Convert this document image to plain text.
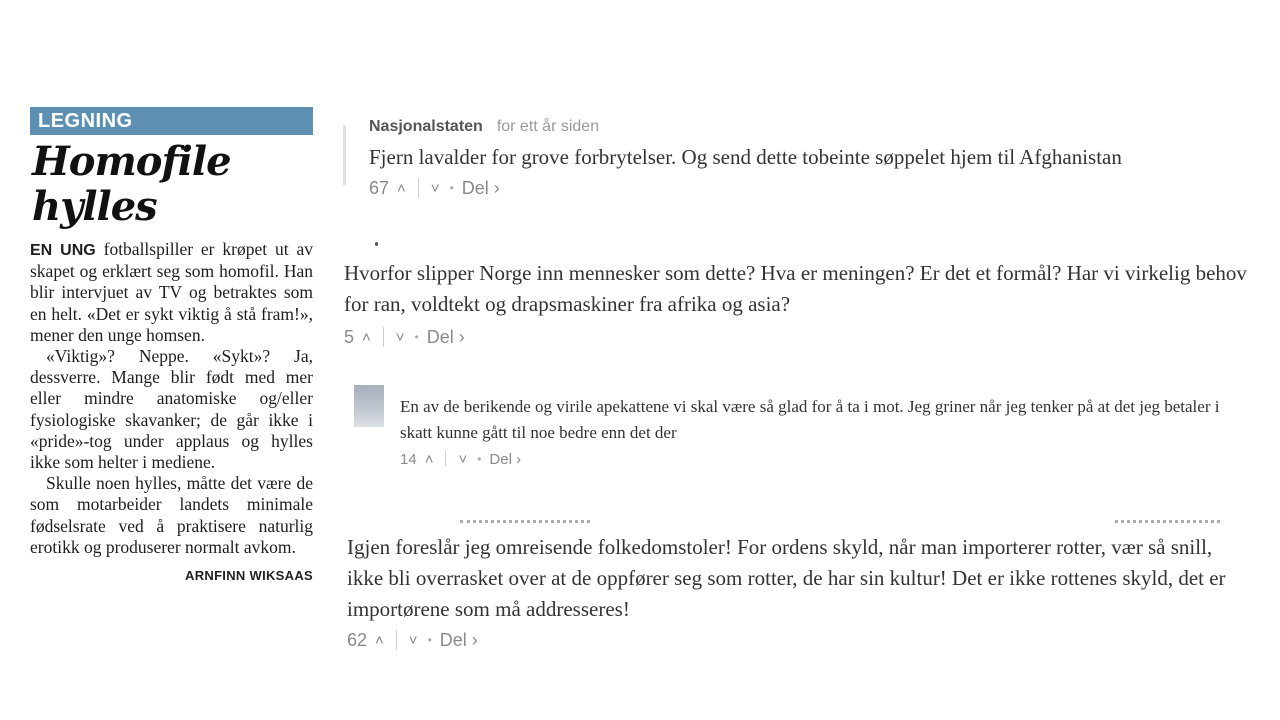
LEGNING
Homofile
hylles

EN UNG fotballspiller er krøpet ut av skapet og erklært seg som homofil. Han blir intervjuet av TV og betraktes som en helt. «Det er sykt viktig å stå fram!», mener den unge homsen.

«Viktig»? Neppe. «Sykt»? Ja, dessverre. Mange blir født med mer eller mindre anatomiske og/eller fysiologiske skavanker; de går ikke i «pride»-tog under applaus og hylles ikke som helter i mediene.

Skulle noen hylles, måtte det være de som motarbeider landets minimale fødselsrate ved å praktisere naturlig erotikk og produserer normalt avkom.

ARNFINN WIKSAAS
Nasjonalstaten for ett år siden
Fjern lavalder for grove forbrytelser. Og send dette tobeinte søppelet hjem til Afghanistan
67 ˄ ˅ • Del ›
Hvorfor slipper Norge inn mennesker som dette? Hva er meningen? Er det et formål? Har vi virkelig behov for ran, voldtekt og drapsmaskiner fra afrika og asia?
5 ˄ ˅ • Del ›
En av de berikende og virile apekattene vi skal være så glad for å ta i mot. Jeg griner når jeg tenker på at det jeg betaler i skatt kunne gått til noe bedre enn det der
14 ˄ ˅ • Del ›
Igjen foreslår jeg omreisende folkedomstoler! For ordens skyld, når man importerer rotter, vær så snill, ikke bli overrasket over at de oppfører seg som rotter, de har sin kultur! Det er ikke rottenes skyld, det er importørene som må addresseres!
62 ˄ ˅ • Del ›
